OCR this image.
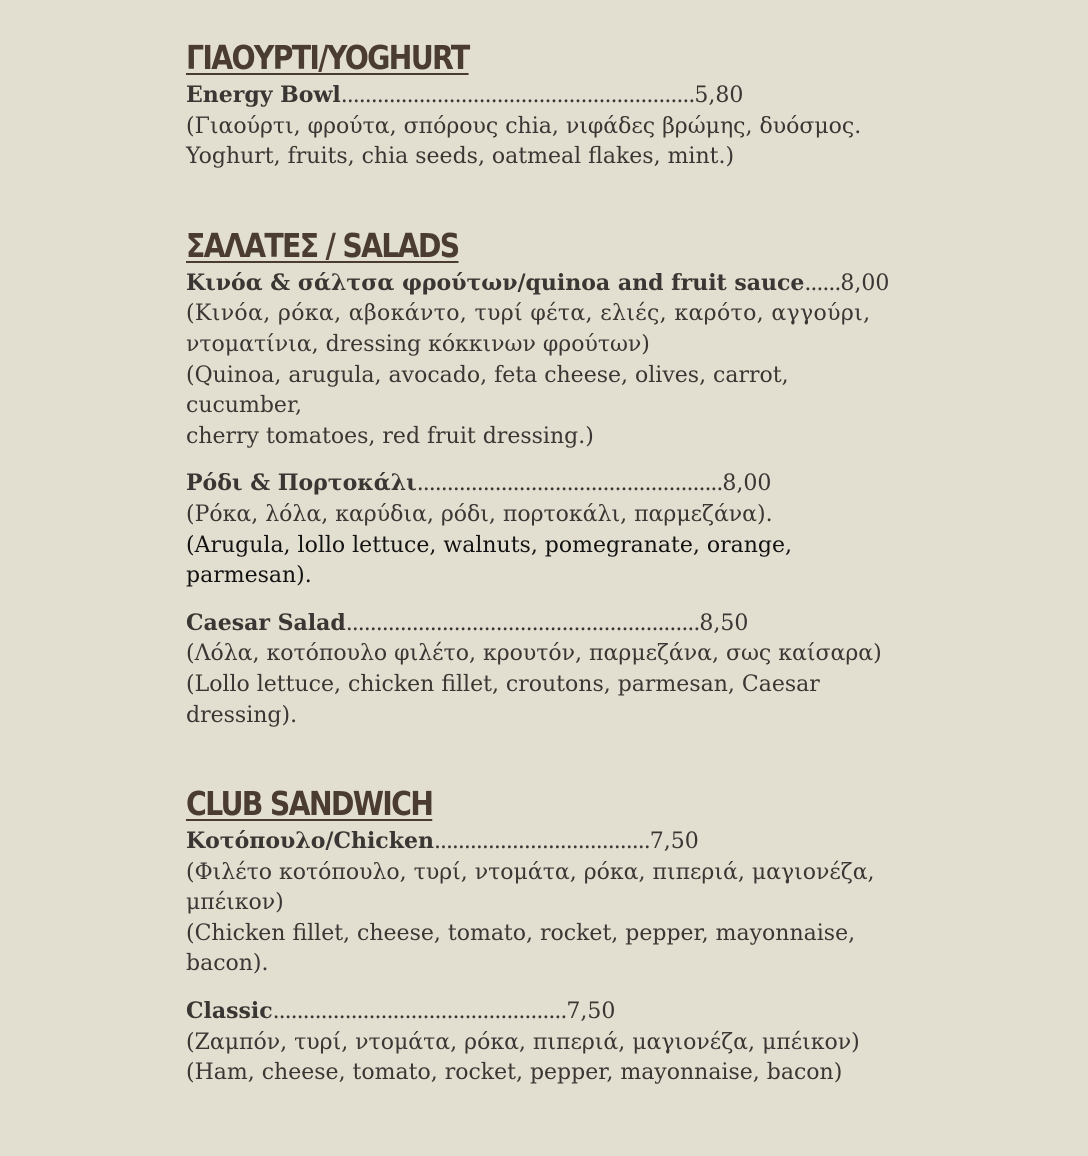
ΓΙΑΟΥΡΤΙ/YOGHURT
Energy Bowl...........................................................5,80
(Γιαούρτι, φρούτα, σπόρους chia, νιφάδες βρώμης, δυόσμος.
Yoghurt, fruits, chia seeds, oatmeal flakes, mint.)
ΣΑΛΑΤΕΣ / SALADS
Κινόα & σάλτσα φρούτων/quinoa and fruit sauce......8,00
(Κινόα, ρόκα, αβοκάντο, τυρί φέτα, ελιές, καρότο, αγγούρι,
ντοματίνια, dressing κόκκινων φρούτων)
(Quinoa, arugula, avocado, feta cheese, olives, carrot, cucumber,
cherry tomatoes, red fruit dressing.)
Ρόδι & Πορτοκάλι...................................................8,00
(Ρόκα, λόλα, καρύδια, ρόδι, πορτοκάλι, παρμεζάνα).
(Arugula, lollo lettuce, walnuts, pomegranate, orange,
parmesan).
Caesar Salad...........................................................8,50
(Λόλα, κοτόπουλο φιλέτο, κρουτόν, παρμεζάνα, σως καίσαρα)
(Lollo lettuce, chicken fillet, croutons, parmesan, Caesar
dressing).
CLUB SANDWICH
Κοτόπουλο/Chicken....................................7,50
(Φιλέτο κοτόπουλο, τυρί, ντομάτα, ρόκα, πιπεριά, μαγιονέζα,
μπέικον)
(Chicken fillet, cheese, tomato, rocket, pepper, mayonnaise,
bacon).
Classic.................................................7,50
(Ζαμπόν, τυρί, ντομάτα, ρόκα, πιπεριά, μαγιονέζα, μπέικον)
(Ham, cheese, tomato, rocket, pepper, mayonnaise, bacon)
